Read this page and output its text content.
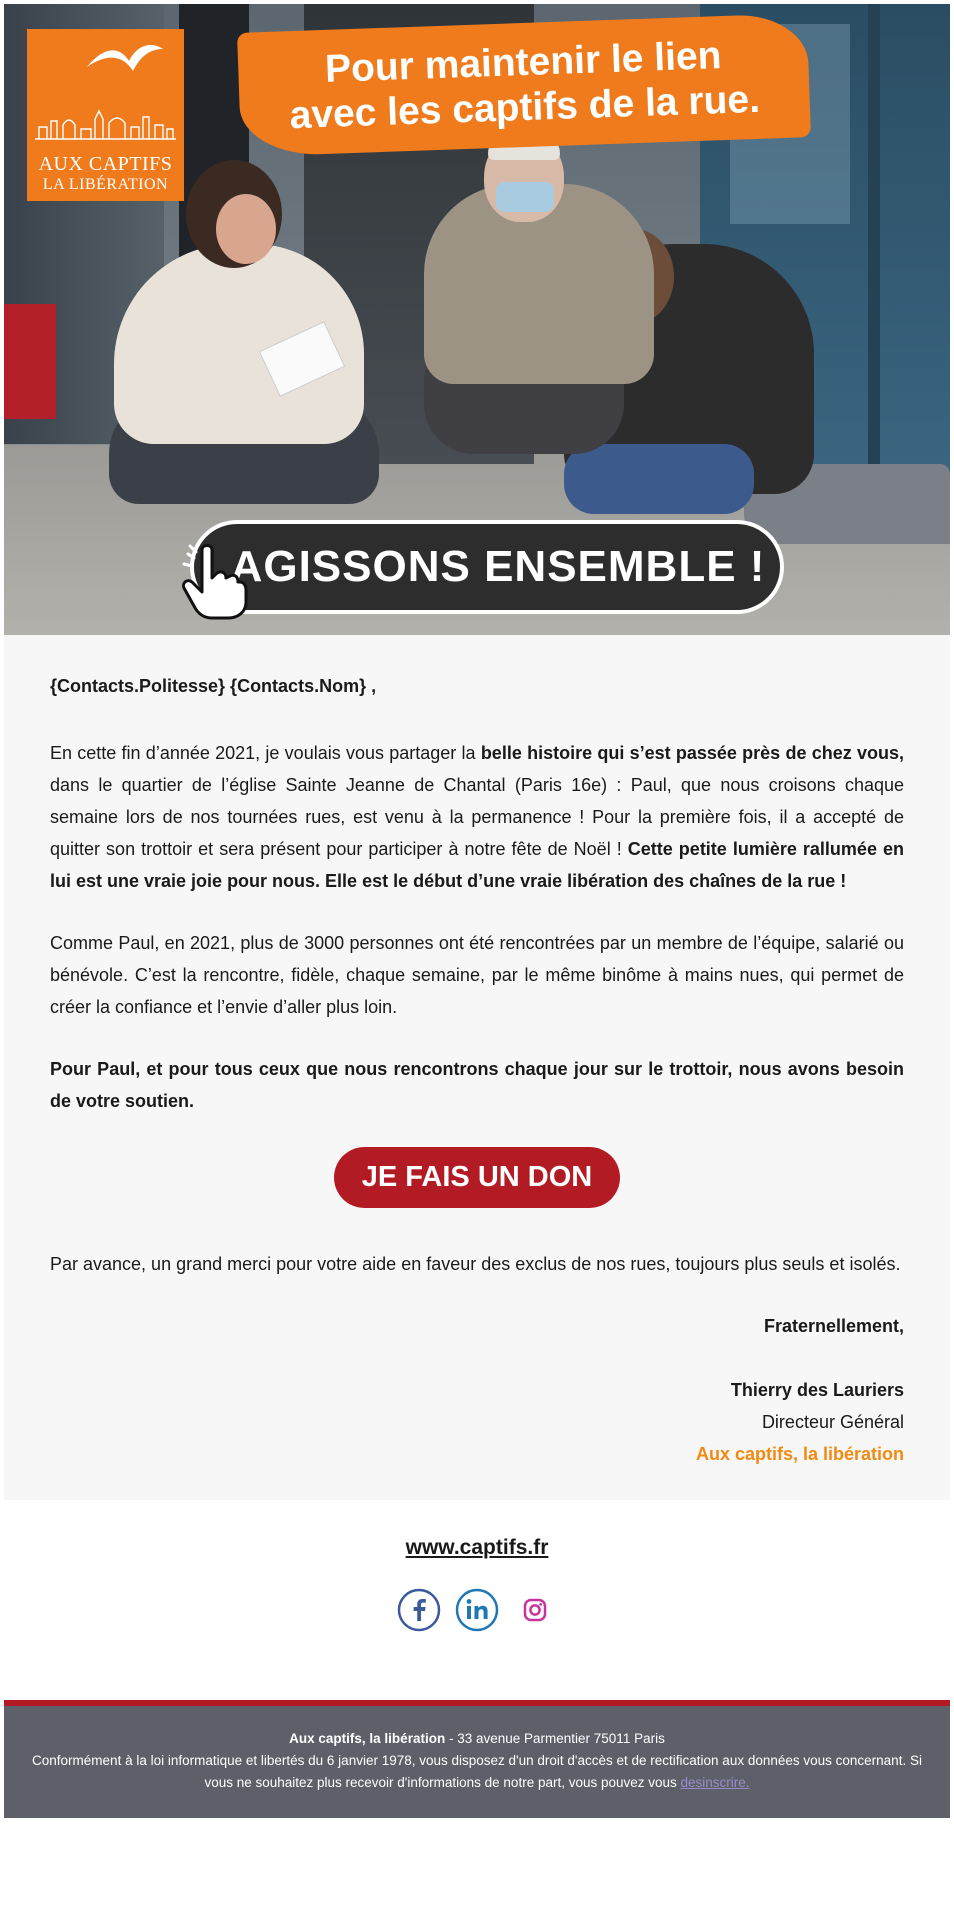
AUX CAPTIFS
LA LIBÉRATION
Pour maintenir le lien
avec les captifs de la rue.
AGISSONS ENSEMBLE !

{Contacts.Politesse} {Contacts.Nom} ,

En cette fin d’année 2021, je voulais vous partager la belle histoire qui s’est passée près de chez vous, dans le quartier de l’église Sainte Jeanne de Chantal (Paris 16e) : Paul, que nous croisons chaque semaine lors de nos tournées rues, est venu à la permanence ! Pour la première fois, il a accepté de quitter son trottoir et sera présent pour participer à notre fête de Noël ! Cette petite lumière rallumée en lui est une vraie joie pour nous. Elle est le début d’une vraie libération des chaînes de la rue !

Comme Paul, en 2021, plus de 3000 personnes ont été rencontrées par un membre de l’équipe, salarié ou bénévole. C’est la rencontre, fidèle, chaque semaine, par le même binôme à mains nues, qui permet de créer la confiance et l’envie d’aller plus loin.

Pour Paul, et pour tous ceux que nous rencontrons chaque jour sur le trottoir, nous avons besoin de votre soutien.

JE FAIS UN DON

Par avance, un grand merci pour votre aide en faveur des exclus de nos rues, toujours plus seuls et isolés.

Fraternellement,
Thierry des Lauriers
Directeur Général
Aux captifs, la libération
www.captifs.fr
Aux captifs, la libération - 33 avenue Parmentier 75011 Paris
Conformément à la loi informatique et libertés du 6 janvier 1978, vous disposez d'un droit d'accès et de rectification aux données vous concernant. Si vous ne souhaitez plus recevoir d'informations de notre part, vous pouvez vous desinscrire.
